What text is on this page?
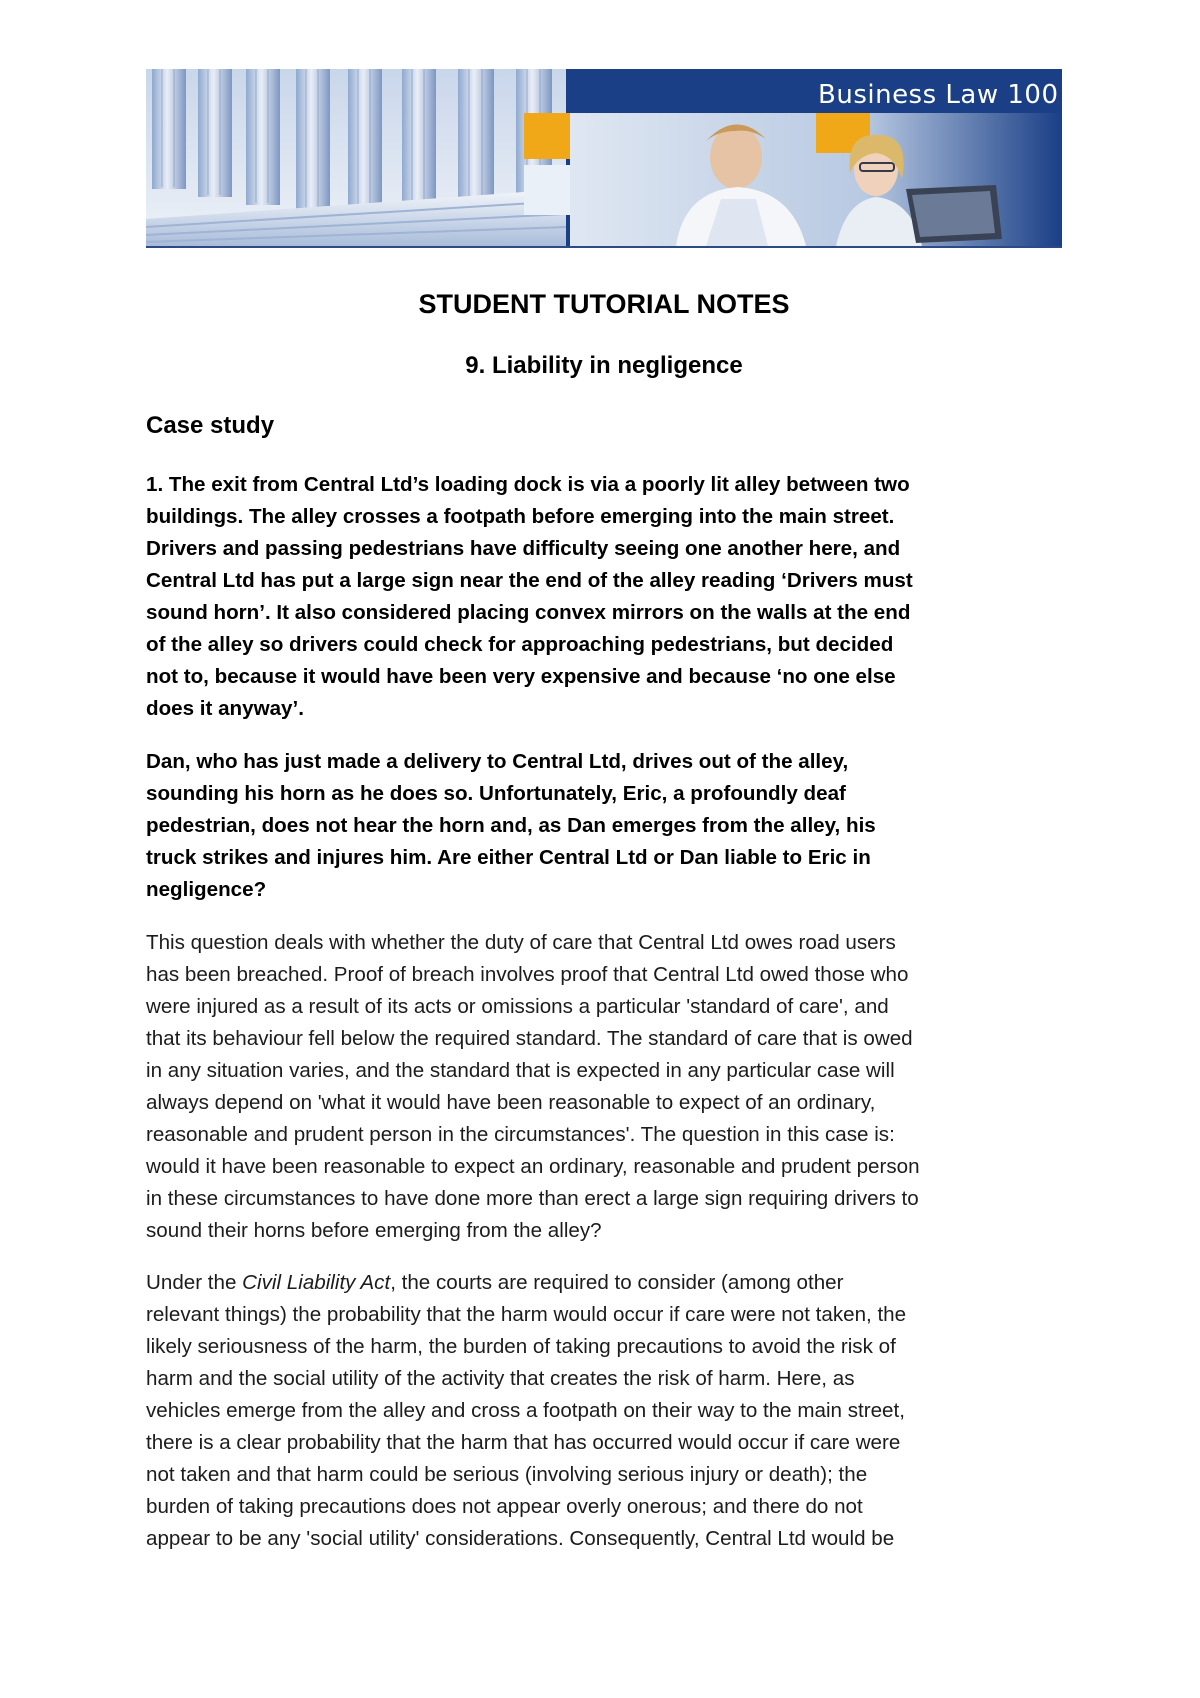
Business Law 100
STUDENT TUTORIAL NOTES
9. Liability in negligence
Case study

1. The exit from Central Ltd’s loading dock is via a poorly lit alley between two
buildings. The alley crosses a footpath before emerging into the main street.
Drivers and passing pedestrians have difficulty seeing one another here, and
Central Ltd has put a large sign near the end of the alley reading ‘Drivers must
sound horn’. It also considered placing convex mirrors on the walls at the end
of the alley so drivers could check for approaching pedestrians, but decided
not to, because it would have been very expensive and because ‘no one else
does it anyway’.

Dan, who has just made a delivery to Central Ltd, drives out of the alley,
sounding his horn as he does so. Unfortunately, Eric, a profoundly deaf
pedestrian, does not hear the horn and, as Dan emerges from the alley, his
truck strikes and injures him. Are either Central Ltd or Dan liable to Eric in
negligence?

This question deals with whether the duty of care that Central Ltd owes road users
has been breached. Proof of breach involves proof that Central Ltd owed those who
were injured as a result of its acts or omissions a particular 'standard of care', and
that its behaviour fell below the required standard. The standard of care that is owed
in any situation varies, and the standard that is expected in any particular case will
always depend on 'what it would have been reasonable to expect of an ordinary,
reasonable and prudent person in the circumstances'. The question in this case is:
would it have been reasonable to expect an ordinary, reasonable and prudent person
in these circumstances to have done more than erect a large sign requiring drivers to
sound their horns before emerging from the alley?

Under the Civil Liability Act, the courts are required to consider (among other
relevant things) the probability that the harm would occur if care were not taken, the
likely seriousness of the harm, the burden of taking precautions to avoid the risk of
harm and the social utility of the activity that creates the risk of harm. Here, as
vehicles emerge from the alley and cross a footpath on their way to the main street,
there is a clear probability that the harm that has occurred would occur if care were
not taken and that harm could be serious (involving serious injury or death); the
burden of taking precautions does not appear overly onerous; and there do not
appear to be any 'social utility' considerations. Consequently, Central Ltd would be
